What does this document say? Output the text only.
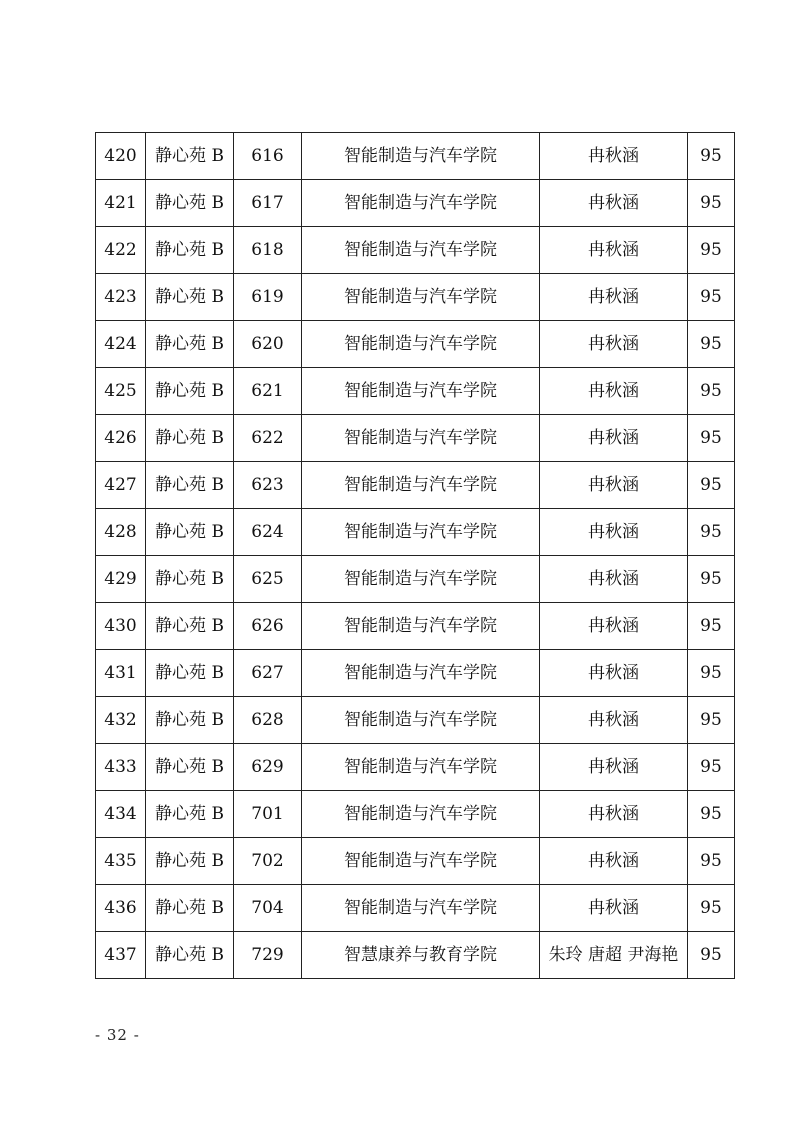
420	静心苑 B	616	智能制造与汽车学院	冉秋涵	95
421	静心苑 B	617	智能制造与汽车学院	冉秋涵	95
422	静心苑 B	618	智能制造与汽车学院	冉秋涵	95
423	静心苑 B	619	智能制造与汽车学院	冉秋涵	95
424	静心苑 B	620	智能制造与汽车学院	冉秋涵	95
425	静心苑 B	621	智能制造与汽车学院	冉秋涵	95
426	静心苑 B	622	智能制造与汽车学院	冉秋涵	95
427	静心苑 B	623	智能制造与汽车学院	冉秋涵	95
428	静心苑 B	624	智能制造与汽车学院	冉秋涵	95
429	静心苑 B	625	智能制造与汽车学院	冉秋涵	95
430	静心苑 B	626	智能制造与汽车学院	冉秋涵	95
431	静心苑 B	627	智能制造与汽车学院	冉秋涵	95
432	静心苑 B	628	智能制造与汽车学院	冉秋涵	95
433	静心苑 B	629	智能制造与汽车学院	冉秋涵	95
434	静心苑 B	701	智能制造与汽车学院	冉秋涵	95
435	静心苑 B	702	智能制造与汽车学院	冉秋涵	95
436	静心苑 B	704	智能制造与汽车学院	冉秋涵	95
437	静心苑 B	729	智慧康养与教育学院	朱玲 唐超 尹海艳	95
- 32 -
